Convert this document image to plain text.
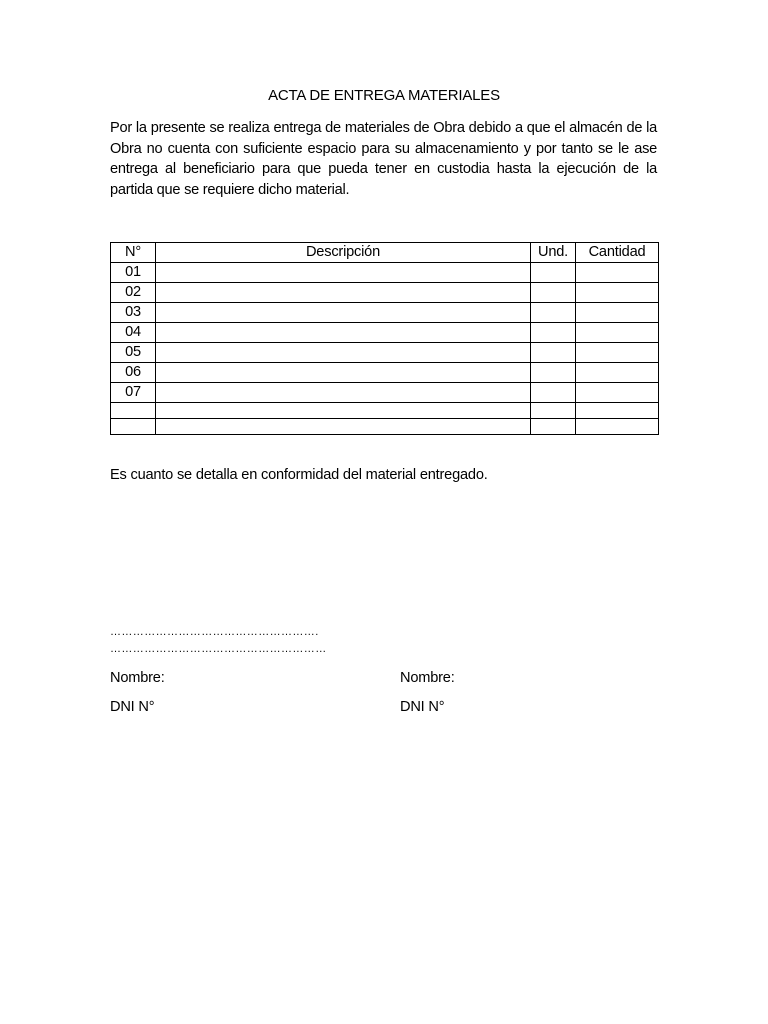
ACTA DE ENTREGA MATERIALES
Por la presente se realiza entrega de materiales de Obra debido a que el almacén de la Obra no cuenta con suficiente espacio para su almacenamiento y por tanto se le ase entrega al beneficiario para que pueda tener en custodia hasta la ejecución de la partida que se requiere dicho material.
N°	Descripción	Und.	Cantidad
01			
02			
03			
04			
05			
06			
07			

Es cuanto se detalla en conformidad del material entregado.
……………………………………………….
…………………………………………………
Nombre:
DNI N°
Nombre:
DNI N°
